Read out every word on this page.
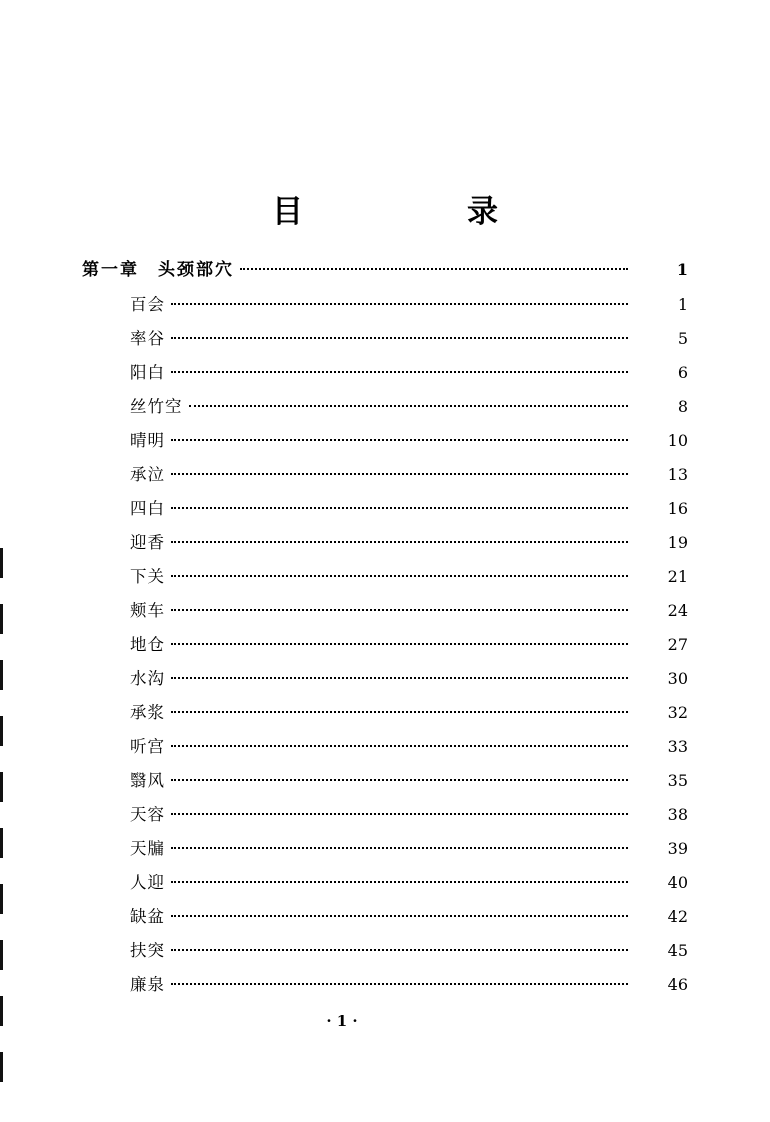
目　　录
第一章　头颈部穴	1
百会	1
率谷	5
阳白	6
丝竹空	8
晴明	10
承泣	13
四白	16
迎香	19
下关	21
颊车	24
地仓	27
水沟	30
承浆	32
听宫	33
翳风	35
天容	38
天牖	39
人迎	40
缺盆	42
扶突	45
廉泉	46
· 1 ·
